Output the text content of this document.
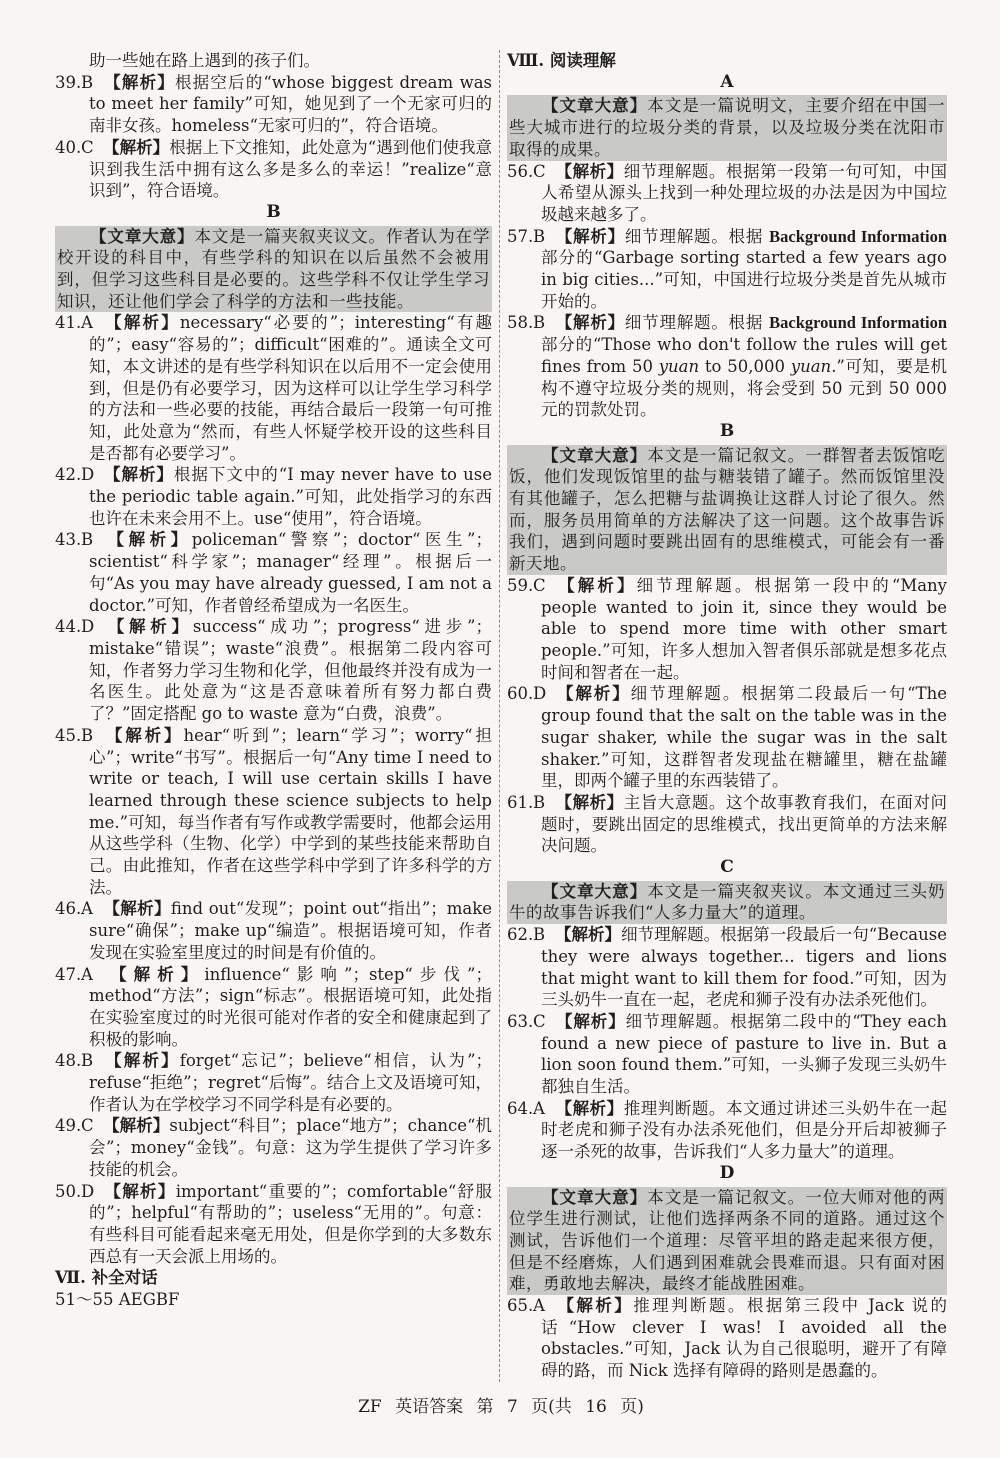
助一些她在路上遇到的孩子们。

39.B 【解析】根据空后的“whose biggest dream was to meet her family”可知，她见到了一个无家可归的南非女孩。homeless“无家可归的”，符合语境。

40.C 【解析】根据上下文推知，此处意为“遇到他们使我意识到我生活中拥有这么多是多么的幸运！”realize“意识到”，符合语境。

B

【文章大意】本文是一篇夹叙夹议文。作者认为在学校开设的科目中，有些学科的知识在以后虽然不会被用到，但学习这些科目是必要的。这些学科不仅让学生学习知识，还让他们学会了科学的方法和一些技能。

41.A 【解析】necessary“必要的”；interesting“有趣的”；easy“容易的”；difficult“困难的”。通读全文可知，本文讲述的是有些学科知识在以后用不一定会使用到，但是仍有必要学习，因为这样可以让学生学习科学的方法和一些必要的技能，再结合最后一段第一句可推知，此处意为“然而，有些人怀疑学校开设的这些科目是否都有必要学习”。

42.D 【解析】根据下文中的“I may never have to use the periodic table again.”可知，此处指学习的东西也许在未来会用不上。use“使用”，符合语境。

43.B 【解析】policeman“警察”；doctor“医生”；scientist“科学家”；manager“经理”。根据后一句“As you may have already guessed, I am not a doctor.”可知，作者曾经希望成为一名医生。

44.D 【解析】success“成功”；progress“进步”；mistake“错误”；waste“浪费”。根据第二段内容可知，作者努力学习生物和化学，但他最终并没有成为一名医生。此处意为“这是否意味着所有努力都白费了？”固定搭配 go to waste 意为“白费，浪费”。

45.B 【解析】hear“听到”；learn“学习”；worry“担心”；write“书写”。根据后一句“Any time I need to write or teach, I will use certain skills I have learned through these science subjects to help me.”可知，每当作者有写作或教学需要时，他都会运用从这些学科（生物、化学）中学到的某些技能来帮助自己。由此推知，作者在这些学科中学到了许多科学的方法。

46.A 【解析】find out“发现”；point out“指出”；make sure“确保”；make up“编造”。根据语境可知，作者发现在实验室里度过的时间是有价值的。

47.A 【解析】influence“影响”；step“步伐”；method“方法”；sign“标志”。根据语境可知，此处指在实验室度过的时光很可能对作者的安全和健康起到了积极的影响。

48.B 【解析】forget“忘记”；believe“相信，认为”；refuse“拒绝”；regret“后悔”。结合上文及语境可知，作者认为在学校学习不同学科是有必要的。

49.C 【解析】subject“科目”；place“地方”；chance“机会”；money“金钱”。句意：这为学生提供了学习许多技能的机会。

50.D 【解析】important“重要的”；comfortable“舒服的”；helpful“有帮助的”；useless“无用的”。句意：有些科目可能看起来毫无用处，但是你学到的大多数东西总有一天会派上用场的。

Ⅶ. 补全对话

51～55 AEGBF

Ⅷ. 阅读理解

A

【文章大意】本文是一篇说明文，主要介绍在中国一些大城市进行的垃圾分类的背景，以及垃圾分类在沈阳市取得的成果。

56.C 【解析】细节理解题。根据第一段第一句可知，中国人希望从源头上找到一种处理垃圾的办法是因为中国垃圾越来越多了。

57.B 【解析】细节理解题。根据 Background Information 部分的“Garbage sorting started a few years ago in big cities...”可知，中国进行垃圾分类是首先从城市开始的。

58.B 【解析】细节理解题。根据 Background Information 部分的“Those who don't follow the rules will get fines from 50 yuan to 50,000 yuan.”可知，要是机构不遵守垃圾分类的规则，将会受到 50 元到 50 000 元的罚款处罚。

B

【文章大意】本文是一篇记叙文。一群智者去饭馆吃饭，他们发现饭馆里的盐与糖装错了罐子。然而饭馆里没有其他罐子，怎么把糖与盐调换让这群人讨论了很久。然而，服务员用简单的方法解决了这一问题。这个故事告诉我们，遇到问题时要跳出固有的思维模式，可能会有一番新天地。

59.C 【解析】细节理解题。根据第一段中的“Many people wanted to join it, since they would be able to spend more time with other smart people.”可知，许多人想加入智者俱乐部就是想多花点时间和智者在一起。

60.D 【解析】细节理解题。根据第二段最后一句“The group found that the salt on the table was in the sugar shaker, while the sugar was in the salt shaker.”可知，这群智者发现盐在糖罐里，糖在盐罐里，即两个罐子里的东西装错了。

61.B 【解析】主旨大意题。这个故事教育我们，在面对问题时，要跳出固定的思维模式，找出更简单的方法来解决问题。

C

【文章大意】本文是一篇夹叙夹议。本文通过三头奶牛的故事告诉我们“人多力量大”的道理。

62.B 【解析】细节理解题。根据第一段最后一句“Because they were always together... tigers and lions that might want to kill them for food.”可知，因为三头奶牛一直在一起，老虎和狮子没有办法杀死他们。

63.C 【解析】细节理解题。根据第二段中的“They each found a new piece of pasture to live in. But a lion soon found them.”可知，一头狮子发现三头奶牛都独自生活。

64.A 【解析】推理判断题。本文通过讲述三头奶牛在一起时老虎和狮子没有办法杀死他们，但是分开后却被狮子逐一杀死的故事，告诉我们“人多力量大”的道理。

D

【文章大意】本文是一篇记叙文。一位大师对他的两位学生进行测试，让他们选择两条不同的道路。通过这个测试，告诉他们一个道理：尽管平坦的路走起来很方便，但是不经磨炼，人们遇到困难就会畏难而退。只有面对困难，勇敢地去解决，最终才能战胜困难。

65.A 【解析】推理判断题。根据第三段中 Jack 说的话“How clever I was! I avoided all the obstacles.”可知，Jack 认为自己很聪明，避开了有障碍的路，而 Nick 选择有障碍的路则是愚蠢的。

ZF 英语答案 第 7 页(共 16 页)
